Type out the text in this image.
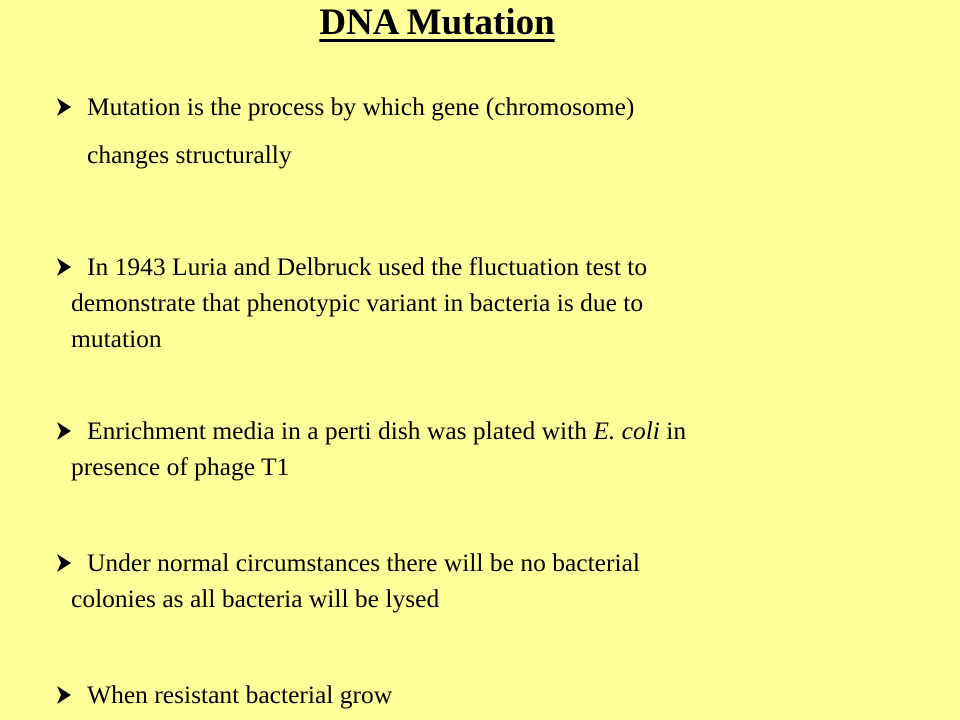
DNA Mutation
Mutation is the process by which gene (chromosome)
changes structurally
In 1943 Luria and Delbruck used the fluctuation test to
demonstrate that phenotypic variant in bacteria is due to
mutation
Enrichment media in a perti dish was plated with E. coli in
presence of phage T1
Under normal circumstances there will be no bacterial
colonies as all bacteria will be lysed
When resistant bacterial grow
